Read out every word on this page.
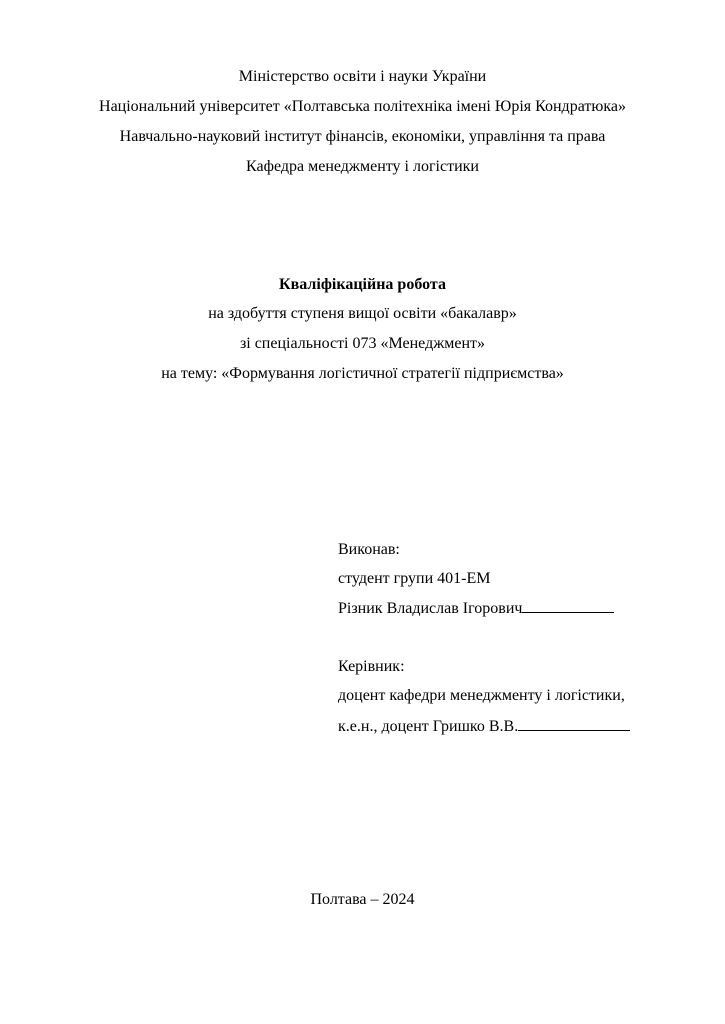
Міністерство освіти і науки України
Національний університет «Полтавська політехніка імені Юрія Кондратюка»
Навчально-науковий інститут фінансів, економіки, управління та права
Кафедра менеджменту і логістики
Кваліфікаційна робота
на здобуття ступеня вищої освіти «бакалавр»
зі спеціальності 073 «Менеджмент»
на тему: «Формування логістичної стратегії підприємства»
Виконав:
студент групи 401-ЕМ
Різник Владислав Ігорович
Керівник:
доцент кафедри менеджменту і логістики,
к.е.н., доцент Гришко В.В.
Полтава – 2024
